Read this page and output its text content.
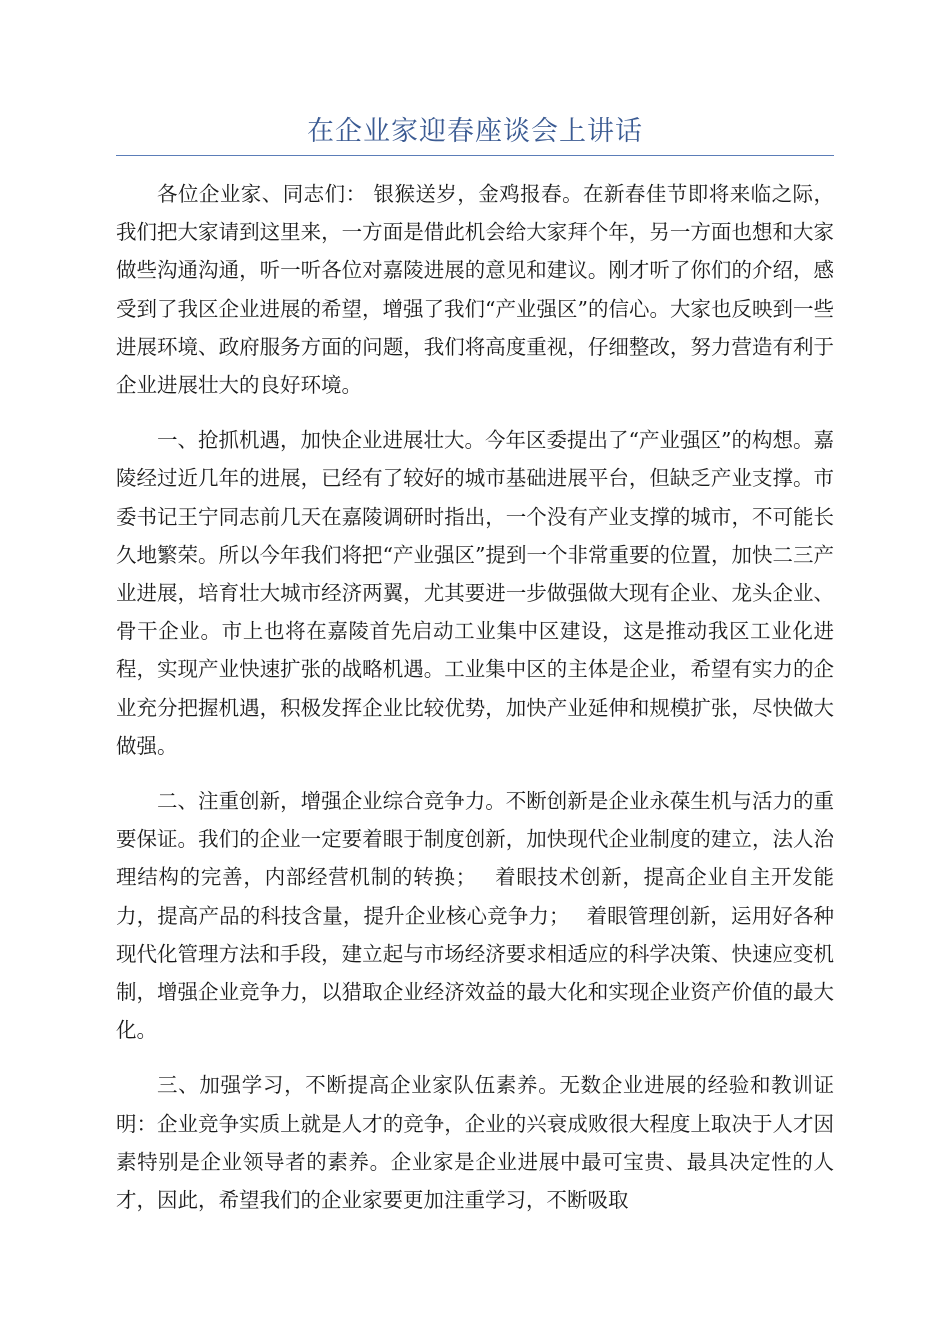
在企业家迎春座谈会上讲话

各位企业家、同志们： 银猴送岁，金鸡报春。在新春佳节即将来临之际，我们把大家请到这里来，一方面是借此机会给大家拜个年，另一方面也想和大家做些沟通沟通，听一听各位对嘉陵进展的意见和建议。刚才听了你们的介绍，感受到了我区企业进展的希望，增强了我们“产业强区”的信心。大家也反映到一些进展环境、政府服务方面的问题，我们将高度重视，仔细整改，努力营造有利于企业进展壮大的良好环境。

一、抢抓机遇，加快企业进展壮大。今年区委提出了“产业强区”的构想。嘉陵经过近几年的进展，已经有了较好的城市基础进展平台，但缺乏产业支撑。市委书记王宁同志前几天在嘉陵调研时指出，一个没有产业支撑的城市，不可能长久地繁荣。所以今年我们将把“产业强区”提到一个非常重要的位置，加快二三产业进展，培育壮大城市经济两翼，尤其要进一步做强做大现有企业、龙头企业、骨干企业。市上也将在嘉陵首先启动工业集中区建设，这是推动我区工业化进程，实现产业快速扩张的战略机遇。工业集中区的主体是企业，希望有实力的企业充分把握机遇，积极发挥企业比较优势，加快产业延伸和规模扩张，尽快做大做强。

二、注重创新，增强企业综合竞争力。不断创新是企业永葆生机与活力的重要保证。我们的企业一定要着眼于制度创新，加快现代企业制度的建立，法人治理结构的完善，内部经营机制的转换；　 着眼技术创新，提高企业自主开发能力，提高产品的科技含量，提升企业核心竞争力；　 着眼管理创新，运用好各种现代化管理方法和手段，建立起与市场经济要求相适应的科学决策、快速应变机制，增强企业竞争力，以猎取企业经济效益的最大化和实现企业资产价值的最大化。

三、加强学习，不断提高企业家队伍素养。无数企业进展的经验和教训证明：企业竞争实质上就是人才的竞争，企业的兴衰成败很大程度上取决于人才因素特别是企业领导者的素养。企业家是企业进展中最可宝贵、最具决定性的人才，因此，希望我们的企业家要更加注重学习，不断吸取
